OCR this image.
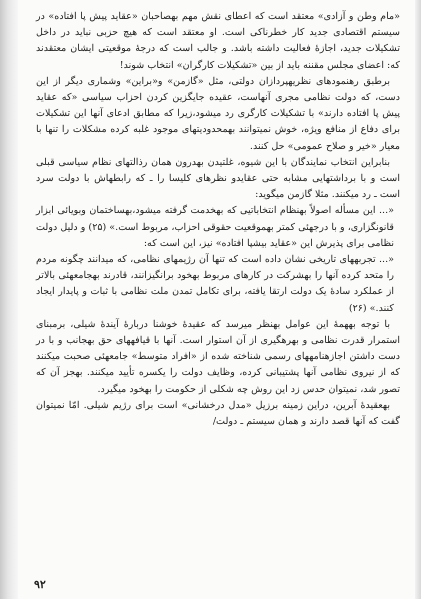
«مام وطن و آزادی» معتقد است که اعطای نقش مهم بهصاحبان «عقاید پیش پا افتاده» در سیستم اقتصادی جدید کار خطرناکی است. او معتقد است که هیچ حزبی نباید در داخل تشکیلات جدید، اجازهٔ فعالیت داشته باشد. و جالب است که درجهٔ موقعیتی ایشان معتقدند که: اعضای مجلس مقننه باید از بین «تشکیلات کارگران» انتخاب شوند!

برطبق رهنمودهای نظریهپردازان دولتی، مثل «گازمن» و«براین» وشماری دیگر از این دست، که دولت نظامی مجری آنهاست، عقیده جایگزین کردن احزاب سیاسی «که عقاید پیش پا افتاده دارند» با تشکیلات کارگری رد میشود،زیرا که مطابق ادعای آنها این تشکیلات برای دفاع از منافع ویژه، خوش نمیتوانند بهمحدودیتهای موجود غلبه کرده مشکلات را تنها با معیار «خیر و صلاح عمومی» حل کنند.

بنابراین انتخاب نمایندگان با این شیوه، غلتیدن بهدرون همان رذالتهای نظام سیاسی قبلی است و با برداشتهایی مشابه حتی عقایدو نظرهای کلیسا را ـ که رابطهاش با دولت سرد است ـ رد میکنند. مثلا گازمن میگوید:

«... این مسأله اصولاً بهنظام انتخاباتیی که بهخدمت گرفته میشود،بهساختمان وبویائی ابزار قانونگزاری، و با درجهئی کمتر بهموقعیت حقوقی احزاب، مربوط است.» (۲۵) و دلیل دولت نظامی برای پذیرش این «عقاید بیشپا افتاده» نیز، این است که:

«... تجربههای تاریخی نشان داده است که تنها آن رژیمهای نظامی، که میدانند چگونه مردم را متحد کرده آنها را بهشرکت در کارهای مربوط بهخود برانگیزانند، قادرند بهجامعهئی بالاتر از عملکرد سادهٔ یک دولت ارتقا یافته، برای تکامل تمدن ملت نظامی با ثبات و پایدار ایجاد کنند.» (۲۶)

با توجه بههمهٔ این عوامل بهنظر میرسد که عقیدهٔ خوشنا دربارهٔ آیندهٔ شیلی، برمبنای استمرار قدرت نظامی و بهرهگیری از آن استوار است. آنها با قیافههای حق بهجانب و با در دست داشتن اجازهنامههای رسمی شناخته شده از «افراد متوسط» جامعهئی صحبت میکنند که از نیروی نظامی آنها پشتیبانی کرده، وظایف دولت را یکسره تأیید میکنند. بهجز آن که تصور شد، نمیتوان حدس زد این روش چه شکلی از حکومت را بهخود میگیرد.

بهعقیدهٔ آبرین، دراین زمینه برزیل «مدل درخشانی» است برای رژیم شیلی. امّا نمیتوان گفت که آنها قصد دارند و همان سیستم ـ دولت/

۹۲
